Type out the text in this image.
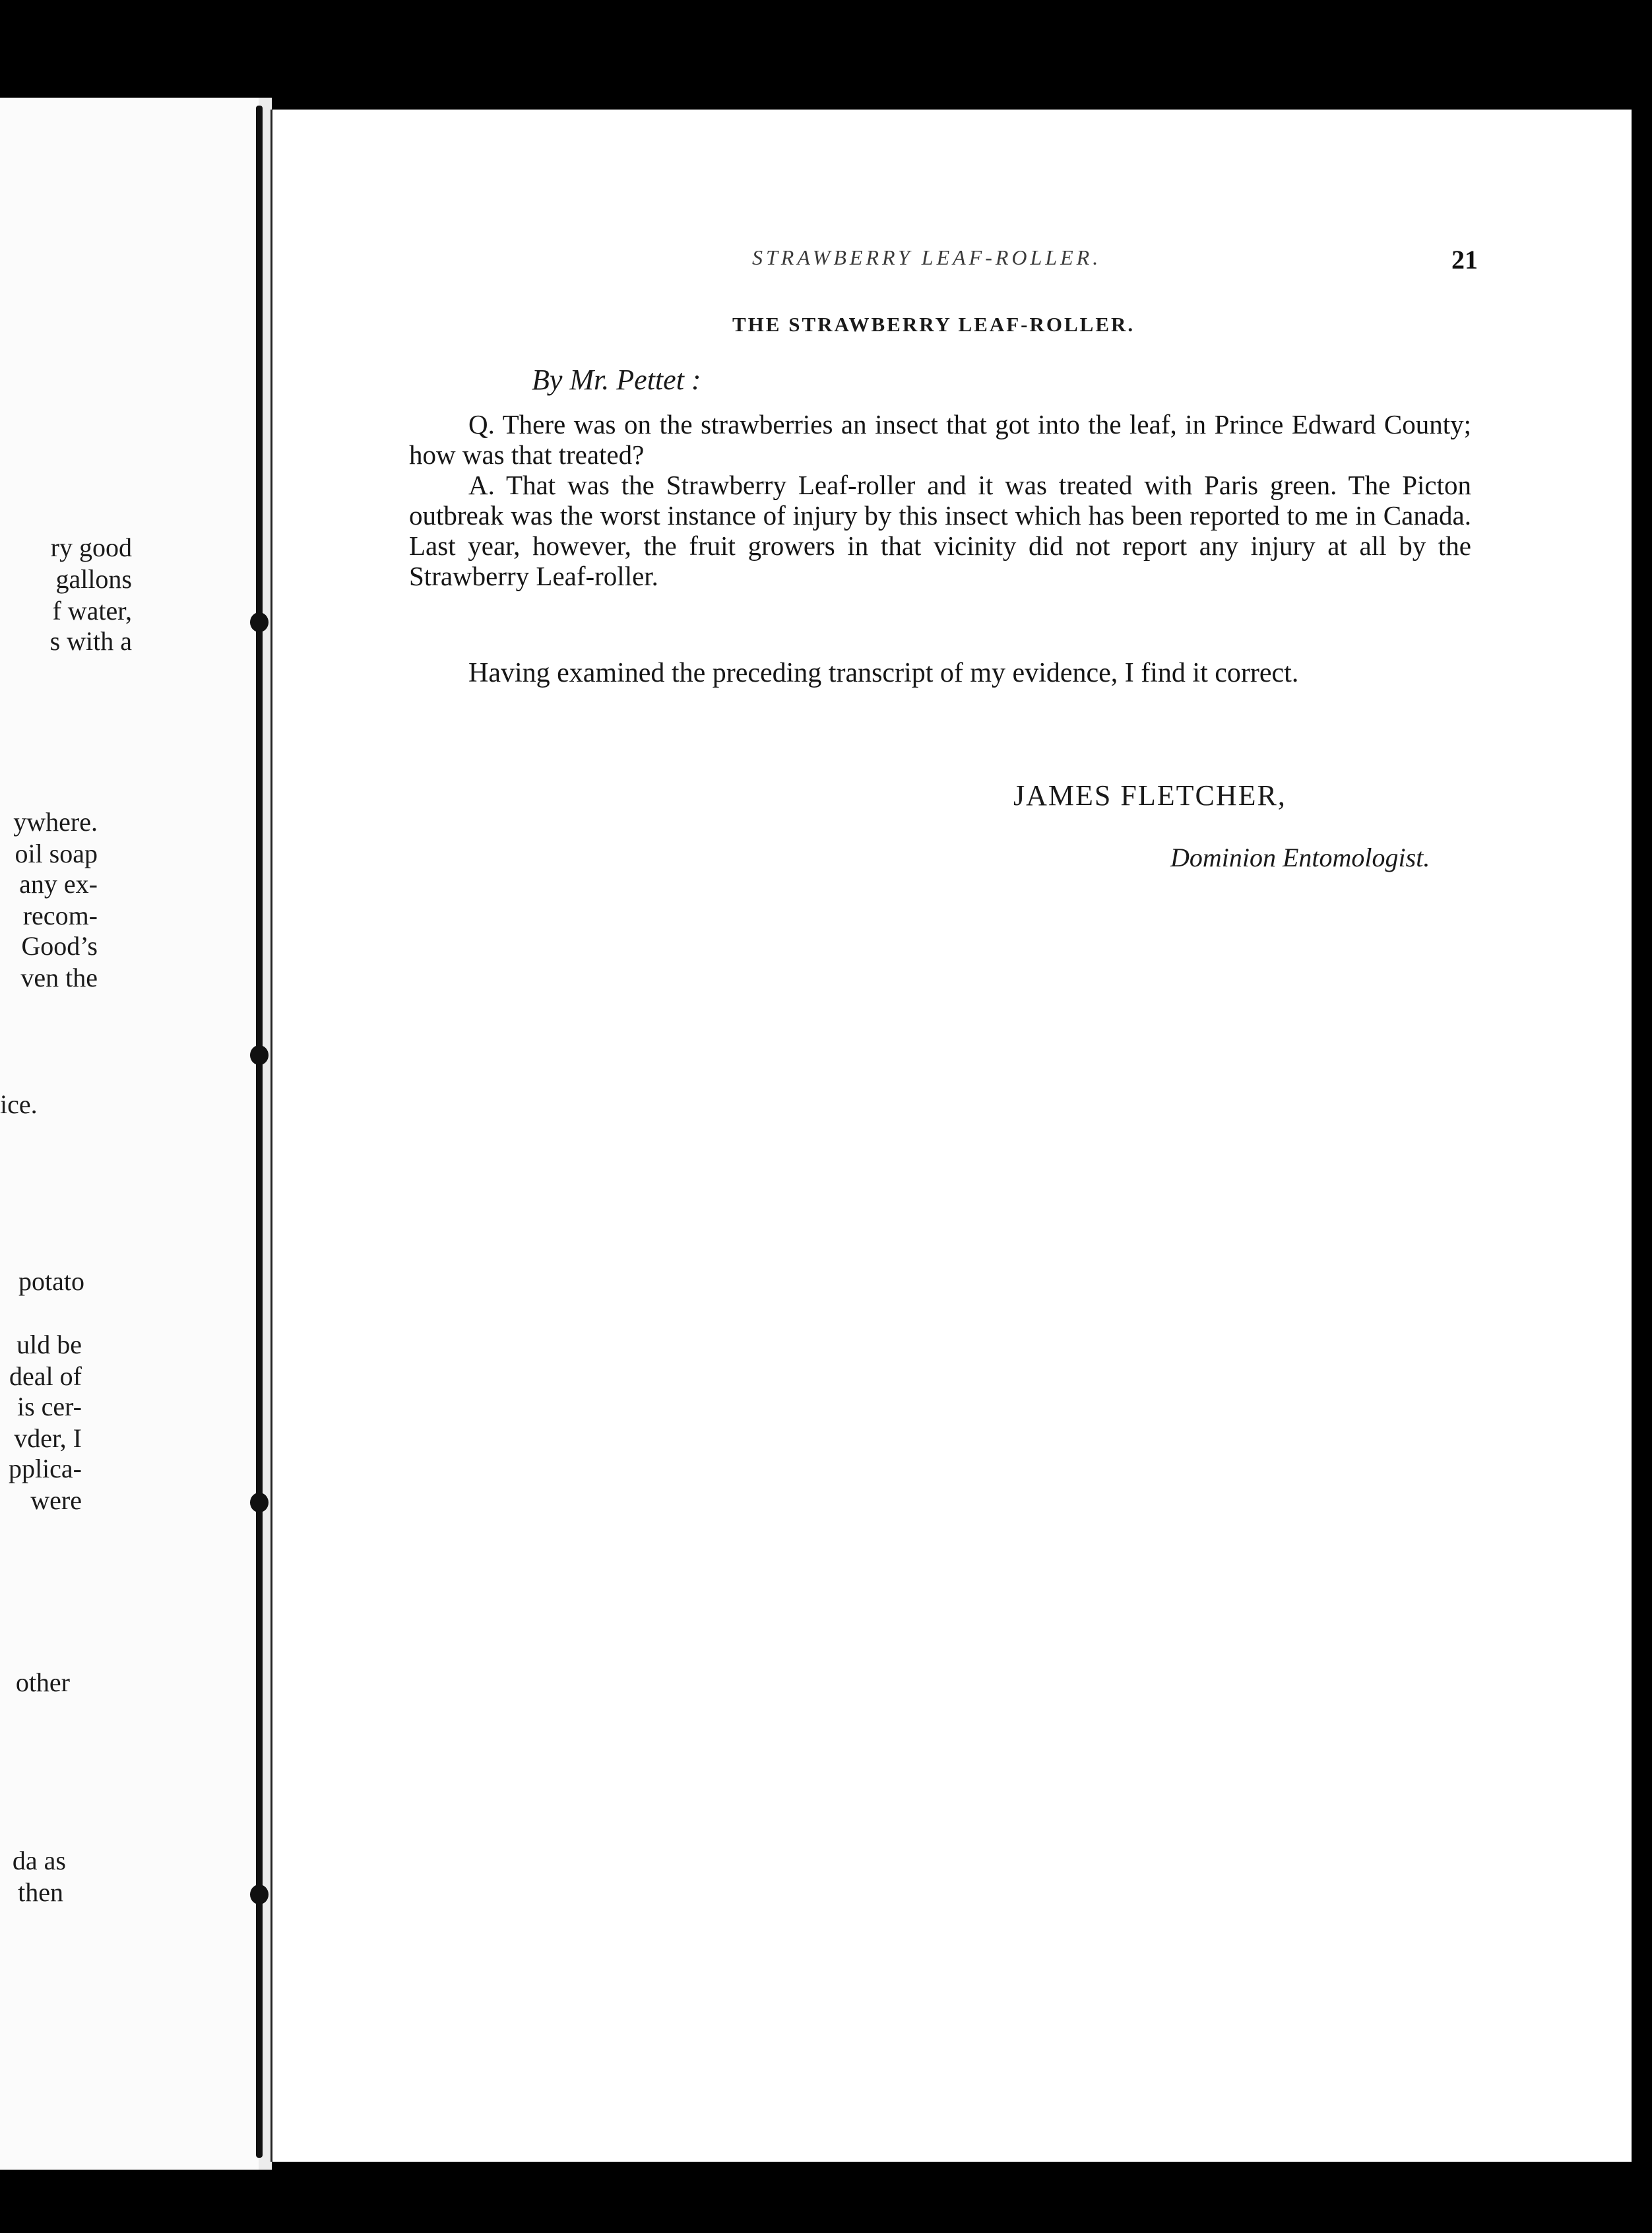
ry good
gallons
f water,
s with a
ywhere.
oil soap
any ex-
recom-
Good’s
ven the
ice.
potato
uld be
deal of
is cer-
vder, I
pplica-
were
other
da as
then
STRAWBERRY LEAF-ROLLER.	21
THE STRAWBERRY LEAF-ROLLER.
By Mr. Pettet :

Q. There was on the strawberries an insect that got into the leaf, in Prince Edward County; how was that treated?

A. That was the Strawberry Leaf-roller and it was treated with Paris green. The Picton outbreak was the worst instance of injury by this insect which has been reported to me in Canada. Last year, however, the fruit growers in that vicinity did not report any injury at all by the Strawberry Leaf-roller.

Having examined the preceding transcript of my evidence, I find it correct.
JAMES FLETCHER,
Dominion Entomologist.
